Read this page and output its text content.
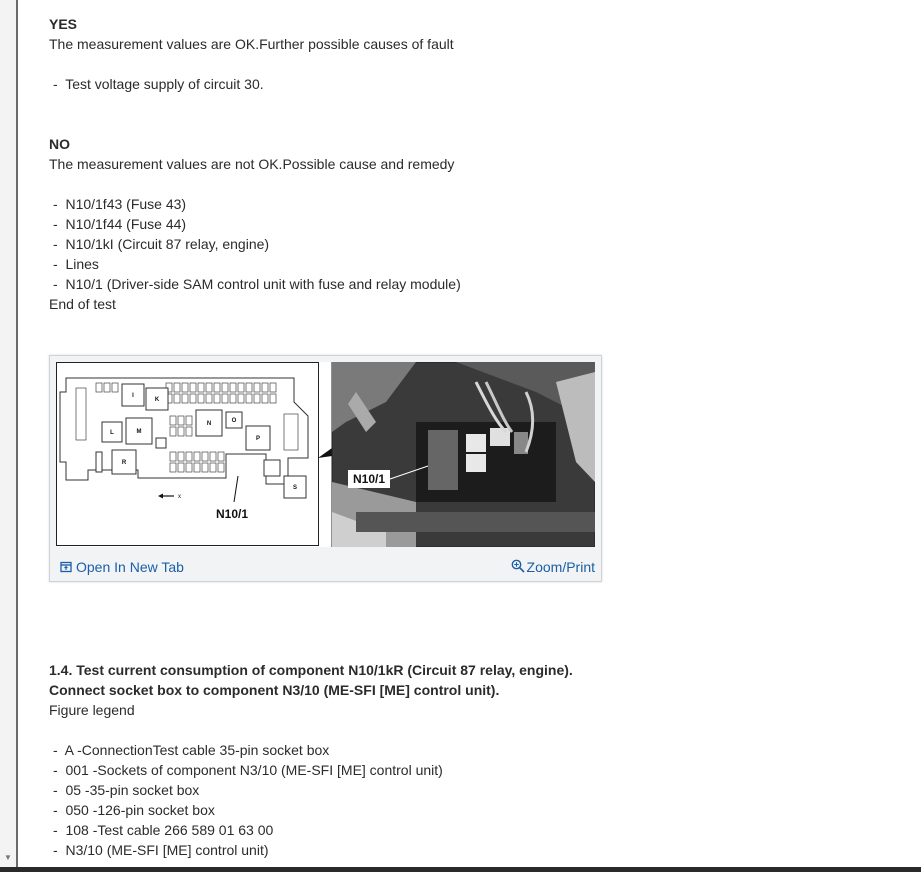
▼

YES

The measurement values are OK.Further possible causes of fault

-  Test voltage supply of circuit 30.

NO

The measurement values are not OK.Possible cause and remedy

-  N10/1f43 (Fuse 43)
-  N10/1f44 (Fuse 44)
-  N10/1kI (Circuit 87 relay, engine)
-  Lines
-  N10/1 (Driver-side SAM control unit with fuse and relay module)

End of test

I
K
L	M
N	O
P
R
S
x
N10/1
N10/1
Open In New Tab	Zoom/Print

1.4. Test current consumption of component N10/1kR (Circuit 87 relay, engine).

Connect socket box to component N3/10 (ME-SFI [ME] control unit).

Figure legend

-  A -ConnectionTest cable 35-pin socket box
-  001 -Sockets of component N3/10 (ME-SFI [ME] control unit)
-  05 -35-pin socket box
-  050 -126-pin socket box
-  108 -Test cable 266 589 01 63 00
-  N3/10 (ME-SFI [ME] control unit)
